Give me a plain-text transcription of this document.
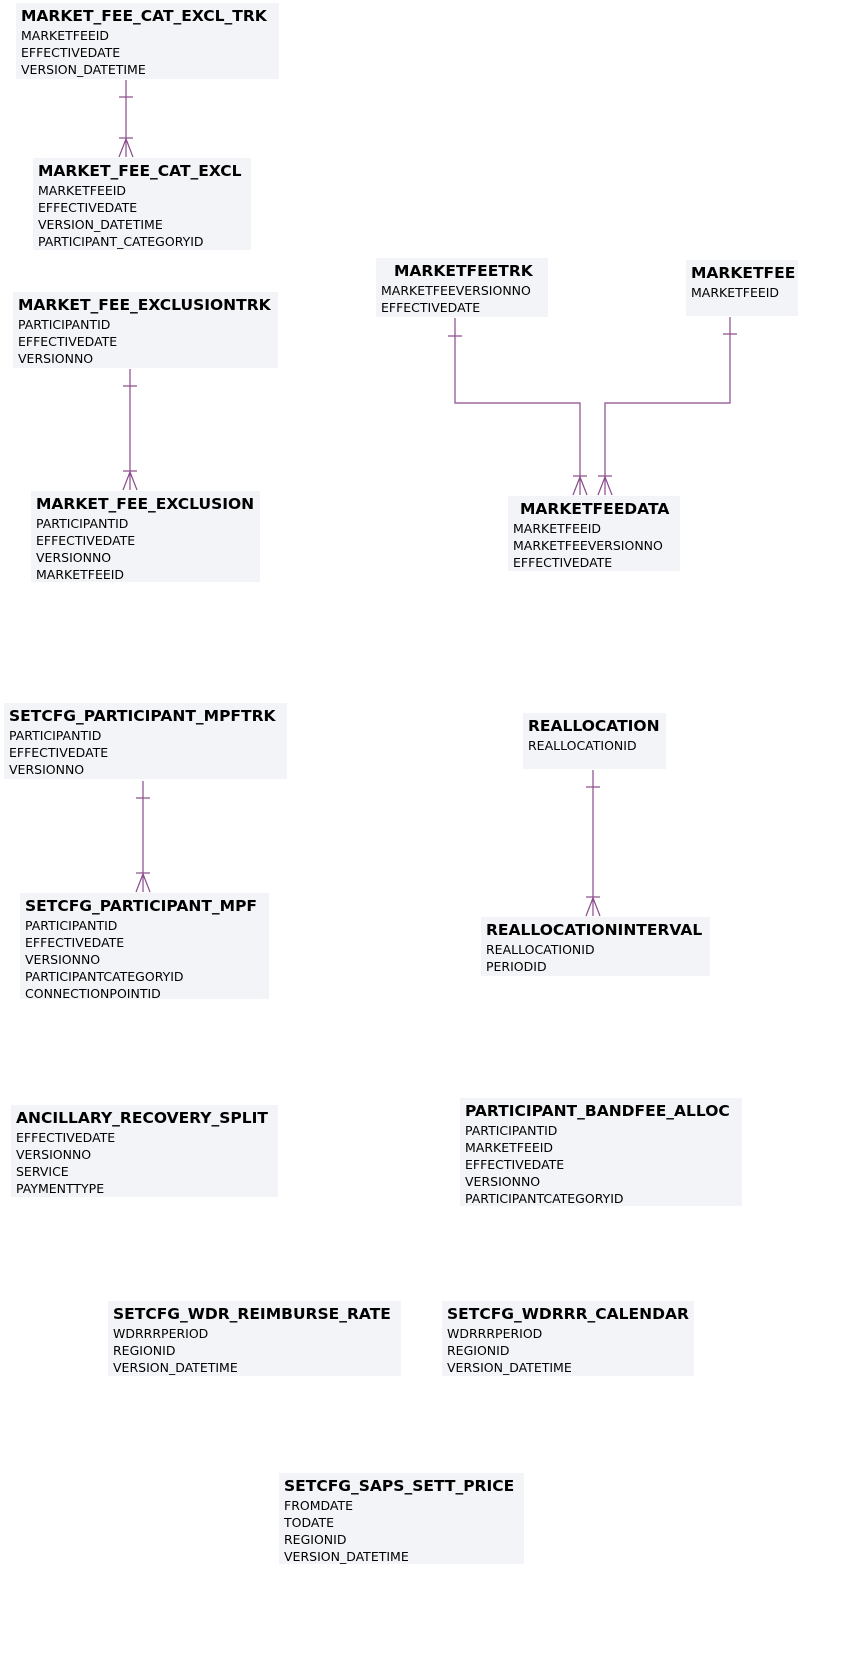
MARKET_FEE_CAT_EXCL_TRK
MARKETFEEID
EFFECTIVEDATE
VERSION_DATETIME
MARKET_FEE_CAT_EXCL
MARKETFEEID
EFFECTIVEDATE
VERSION_DATETIME
PARTICIPANT_CATEGORYID
MARKETFEETRK
MARKETFEEVERSIONNO
EFFECTIVEDATE
MARKETFEE
MARKETFEEID
MARKET_FEE_EXCLUSIONTRK
PARTICIPANTID
EFFECTIVEDATE
VERSIONNO
MARKET_FEE_EXCLUSION
PARTICIPANTID
EFFECTIVEDATE
VERSIONNO
MARKETFEEID
MARKETFEEDATA
MARKETFEEID
MARKETFEEVERSIONNO
EFFECTIVEDATE
SETCFG_PARTICIPANT_MPFTRK
PARTICIPANTID
EFFECTIVEDATE
VERSIONNO
REALLOCATION
REALLOCATIONID
SETCFG_PARTICIPANT_MPF
PARTICIPANTID
EFFECTIVEDATE
VERSIONNO
PARTICIPANTCATEGORYID
CONNECTIONPOINTID
REALLOCATIONINTERVAL
REALLOCATIONID
PERIODID
ANCILLARY_RECOVERY_SPLIT
EFFECTIVEDATE
VERSIONNO
SERVICE
PAYMENTTYPE
PARTICIPANT_BANDFEE_ALLOC
PARTICIPANTID
MARKETFEEID
EFFECTIVEDATE
VERSIONNO
PARTICIPANTCATEGORYID
SETCFG_WDR_REIMBURSE_RATE
WDRRRPERIOD
REGIONID
VERSION_DATETIME
SETCFG_WDRRR_CALENDAR
WDRRRPERIOD
REGIONID
VERSION_DATETIME
SETCFG_SAPS_SETT_PRICE
FROMDATE
TODATE
REGIONID
VERSION_DATETIME
